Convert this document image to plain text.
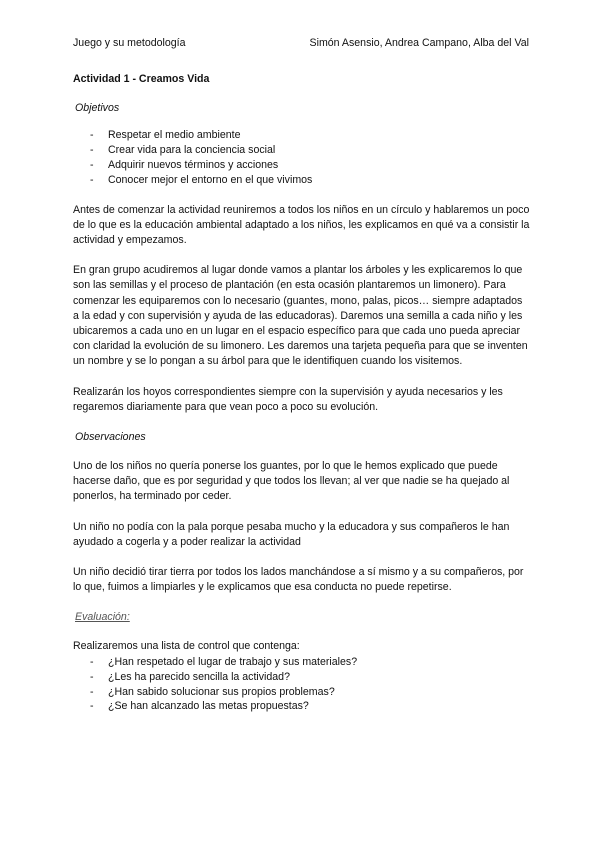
Juego y su metodología	Simón Asensio, Andrea Campano, Alba del Val

Actividad 1 - Creamos Vida

Objetivos

- Respetar el medio ambiente
- Crear vida para la conciencia social
- Adquirir nuevos términos y acciones
- Conocer mejor el entorno en el que vivimos

Antes de comenzar la actividad reuniremos a todos los niños en un círculo y hablaremos un poco de lo que es la educación ambiental adaptado a los niños, les explicamos en qué va a consistir la actividad y empezamos.

En gran grupo acudiremos al lugar donde vamos a plantar los árboles y les explicaremos lo que son las semillas y el proceso de plantación (en esta ocasión plantaremos un limonero). Para comenzar les equiparemos con lo necesario (guantes, mono, palas, picos… siempre adaptados a la edad y con supervisión y ayuda de las educadoras). Daremos una semilla a cada niño y les ubicaremos a cada uno en un lugar en el espacio específico para que cada uno pueda apreciar con claridad la evolución de su limonero. Les daremos una tarjeta pequeña para que se inventen un nombre y se lo pongan a su árbol para que le identifiquen cuando los visitemos.

Realizarán los hoyos correspondientes siempre con la supervisión y ayuda necesarios y les regaremos diariamente para que vean poco a poco su evolución.

Observaciones

Uno de los niños no quería ponerse los guantes, por lo que le hemos explicado que puede hacerse daño, que es por seguridad y que todos los llevan; al ver que nadie se ha quejado al ponerlos, ha terminado por ceder.

Un niño no podía con la pala porque pesaba mucho y la educadora y sus compañeros le han ayudado a cogerla y a poder realizar la actividad

Un niño decidió tirar tierra por todos los lados manchándose a sí mismo y a su compañeros, por lo que, fuimos a limpiarles y le explicamos que esa conducta no puede repetirse.

Evaluación:

Realizaremos una lista de control que contenga:

- ¿Han respetado el lugar de trabajo y sus materiales?
- ¿Les ha parecido sencilla la actividad?
- ¿Han sabido solucionar sus propios problemas?
- ¿Se han alcanzado las metas propuestas?
